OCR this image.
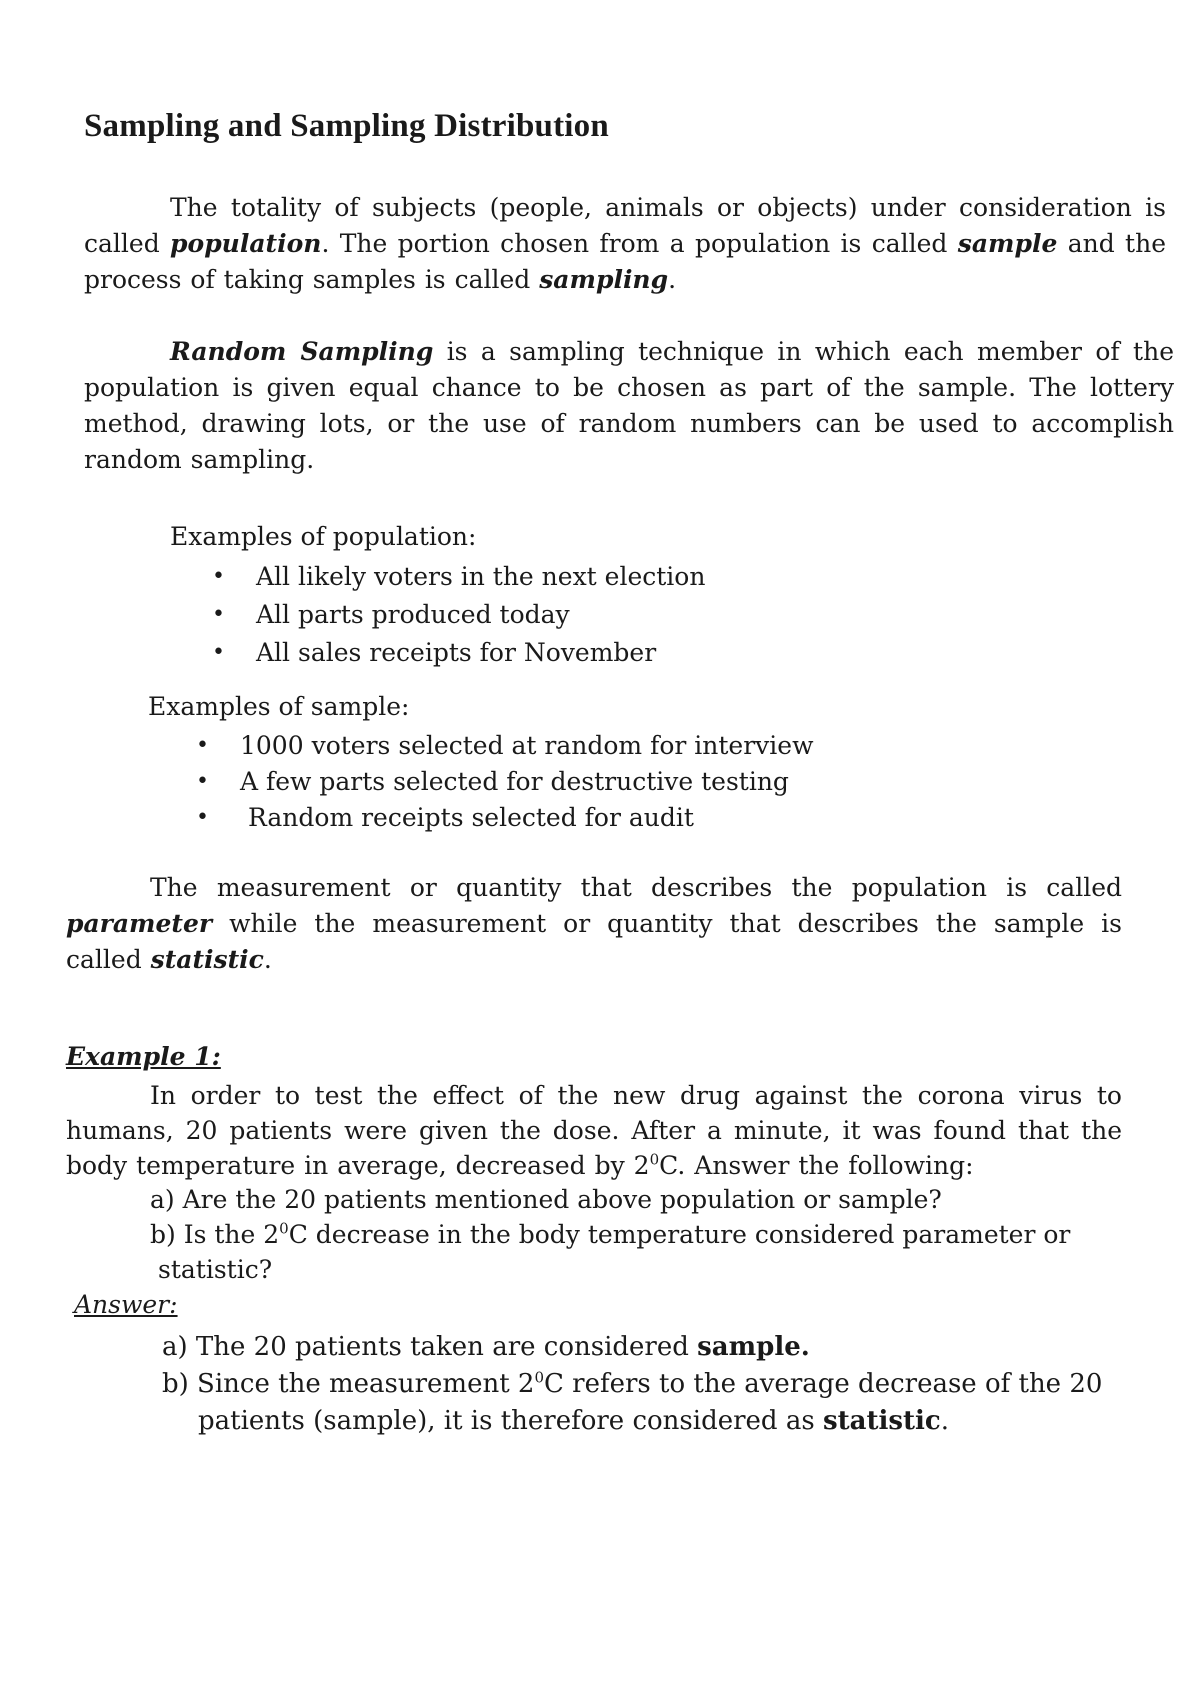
Sampling and Sampling Distribution
The totality of subjects (people, animals or objects) under consideration is called population. The portion chosen from a population is called sample and the process of taking samples is called sampling.
Random Sampling is a sampling technique in which each member of the population is given equal chance to be chosen as part of the sample. The lottery method, drawing lots, or the use of random numbers can be used to accomplish random sampling.
Examples of population:
• All likely voters in the next election
• All parts produced today
• All sales receipts for November
Examples of sample:
• 1000 voters selected at random for interview
• A few parts selected for destructive testing
• Random receipts selected for audit
The measurement or quantity that describes the population is called parameter while the measurement or quantity that describes the sample is called statistic.
Example 1:
In order to test the effect of the new drug against the corona virus to humans, 20 patients were given the dose. After a minute, it was found that the body temperature in average, decreased by $2^0C$. Answer the following:
a) Are the 20 patients mentioned above population or sample?
b) Is the $2^0C$ decrease in the body temperature considered parameter or
statistic?
Answer:
a) The 20 patients taken are considered sample.
b) Since the measurement $2^0C$ refers to the average decrease of the 20
patients (sample), it is therefore considered as statistic.
